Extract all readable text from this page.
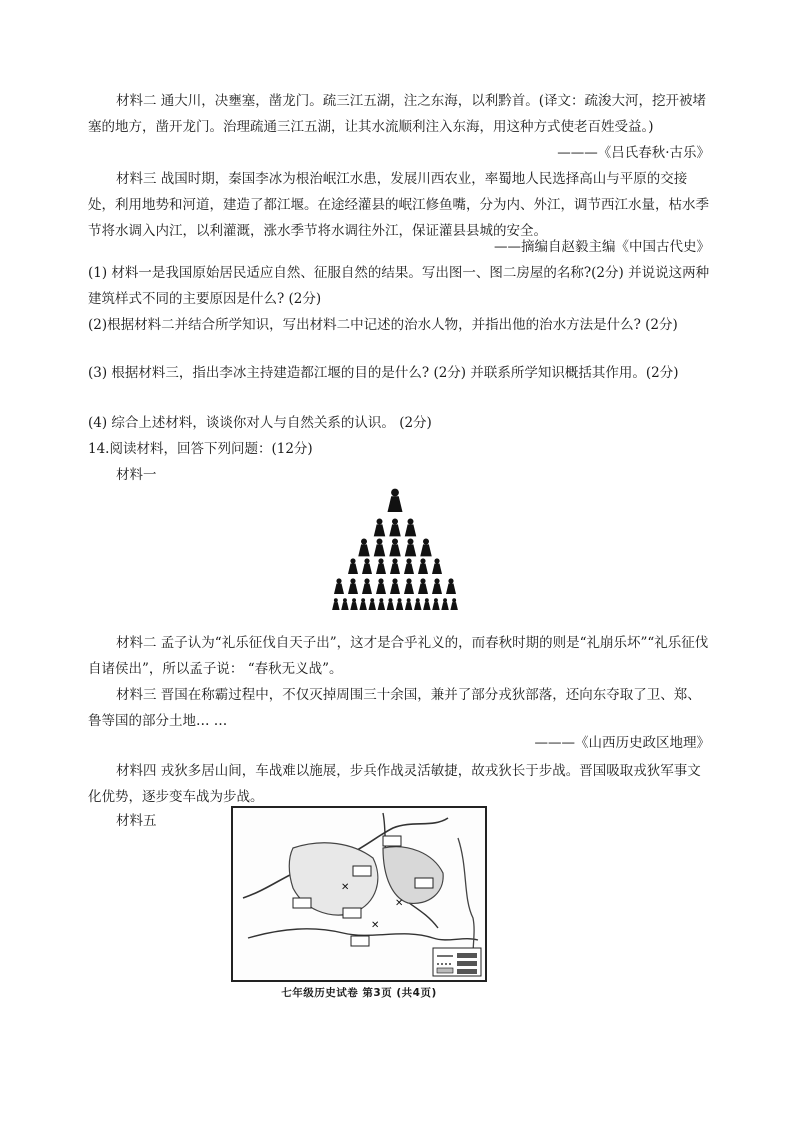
材料二 通大川，决壅塞，凿龙门。疏三江五湖，注之东海，以利黔首。(译文：疏浚大河，挖开被堵塞的地方，凿开龙门。治理疏通三江五湖，让其水流顺利注入东海，用这种方式使老百姓受益。)

———《吕氏春秋·古乐》

材料三 战国时期，秦国李冰为根治岷江水患，发展川西农业，率蜀地人民选择高山与平原的交接处，利用地势和河道，建造了都江堰。在途经灌县的岷江修鱼嘴，分为内、外江，调节西江水量，枯水季节将水调入内江，以利灌溉，涨水季节将水调往外江，保证灌县县城的安全。

——摘编自赵毅主编《中国古代史》

(1) 材料一是我国原始居民适应自然、征服自然的结果。写出图一、图二房屋的名称?(2分) 并说说这两种建筑样式不同的主要原因是什么? (2分)

(2)根据材料二并结合所学知识，写出材料二中记述的治水人物，并指出他的治水方法是什么? (2分)

(3) 根据材料三，指出李冰主持建造都江堰的目的是什么? (2分) 并联系所学知识概括其作用。(2分)

(4) 综合上述材料，谈谈你对人与自然关系的认识。 (2分)

14.阅读材料，回答下列问题：(12分)

材料一

材料二 孟子认为“礼乐征伐自天子出”，这才是合乎礼义的，而春秋时期的则是“礼崩乐坏”“礼乐征伐自诸侯出”，所以孟子说： “春秋无义战”。

材料三 晋国在称霸过程中，不仅灭掉周围三十余国，兼并了部分戎狄部落，还向东夺取了卫、郑、鲁等国的部分土地… …

———《山西历史政区地理》

材料四 戎狄多居山间，车战难以施展，步兵作战灵活敏捷，故戎狄长于步战。晋国吸取戎狄军事文化优势，逐步变车战为步战。

材料五

✕
✕
✕
七年级历史试卷 第3页 (共4页)
